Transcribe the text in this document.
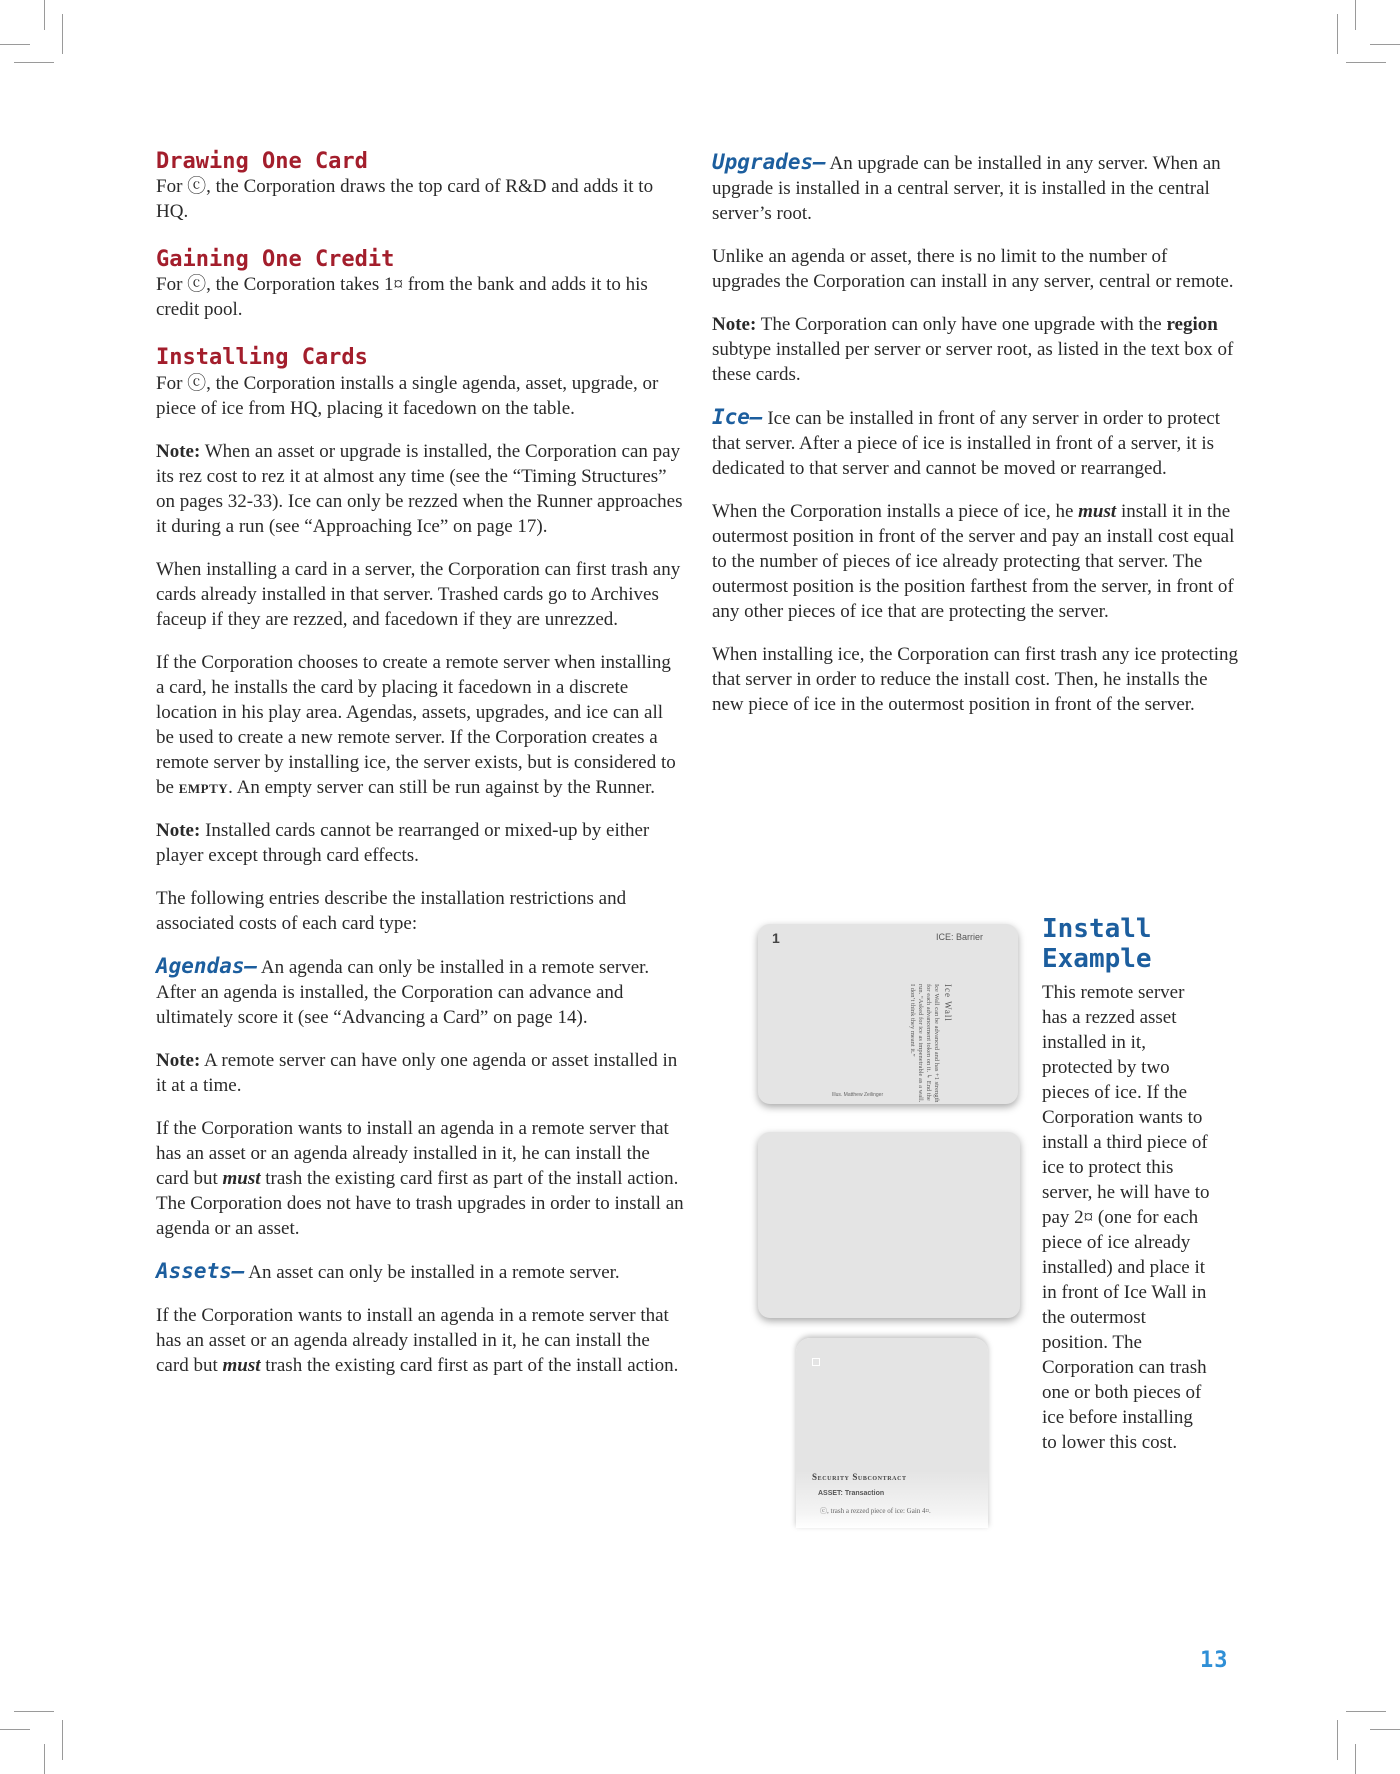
Drawing One Card

For ⓒ, the Corporation draws the top card of R&D and adds it to HQ.

Gaining One Credit

For ⓒ, the Corporation takes 1¤ from the bank and adds it to his credit pool.

Installing Cards

For ⓒ, the Corporation installs a single agenda, asset, upgrade, or piece of ice from HQ, placing it facedown on the table.

Note: When an asset or upgrade is installed, the Corporation can pay its rez cost to rez it at almost any time (see the “Timing Structures” on pages 32-33). Ice can only be rezzed when the Runner approaches it during a run (see “Approaching Ice” on page 17).

When installing a card in a server, the Corporation can first trash any cards already installed in that server. Trashed cards go to Archives faceup if they are rezzed, and facedown if they are unrezzed.

If the Corporation chooses to create a remote server when installing a card, he installs the card by placing it facedown in a discrete location in his play area. Agendas, assets, upgrades, and ice can all be used to create a new remote server. If the Corporation creates a remote server by installing ice, the server exists, but is considered to be empty. An empty server can still be run against by the Runner.

Note: Installed cards cannot be rearranged or mixed-up by either player except through card effects.

The following entries describe the installation restrictions and associated costs of each card type:

Agendas– An agenda can only be installed in a remote server. After an agenda is installed, the Corporation can advance and ultimately score it (see “Advancing a Card” on page 14).

Note: A remote server can have only one agenda or asset installed in it at a time.

If the Corporation wants to install an agenda in a remote server that has an asset or an agenda already installed in it, he can install the card but must trash the existing card first as part of the install action. The Corporation does not have to trash upgrades in order to install an agenda or an asset.

Assets– An asset can only be installed in a remote server.

If the Corporation wants to install an agenda in a remote server that has an asset or an agenda already installed in it, he can install the card but must trash the existing card first as part of the install action.

Upgrades– An upgrade can be installed in any server. When an upgrade is installed in a central server, it is installed in the central server’s root.

Unlike an agenda or asset, there is no limit to the number of upgrades the Corporation can install in any server, central or remote.

Note: The Corporation can only have one upgrade with the region subtype installed per server or server root, as listed in the text box of these cards.

Ice– Ice can be installed in front of any server in order to protect that server. After a piece of ice is installed in front of a server, it is dedicated to that server and cannot be moved or rearranged.

When the Corporation installs a piece of ice, he must install it in the outermost position in front of the server and pay an install cost equal to the number of pieces of ice already protecting that server. The outermost position is the position farthest from the server, in front of any other pieces of ice that are protecting the server.

When installing ice, the Corporation can first trash any ice protecting that server in order to reduce the install cost. Then, he installs the new piece of ice in the outermost position in front of the server.

1	ICE: Barrier
Ice Wall
Ice Wall can be advanced and has +1 strength for each advancement token on it. ↳ End the run. “Asked for ice as impenetrable as a wall. I don’t think they meant it.”
Illus. Matthew Zeilinger
Security Subcontract
ASSET: Transaction
ⓒ, trash a rezzed piece of ice: Gain 4¤.
Install
Example

This remote server has a rezzed asset installed in it, protected by two pieces of ice. If the Corporation wants to install a third piece of ice to protect this server, he will have to pay 2¤ (one for each piece of ice already installed) and place it in front of Ice Wall in the outermost position. The Corporation can trash one or both pieces of ice before installing to lower this cost.

13
